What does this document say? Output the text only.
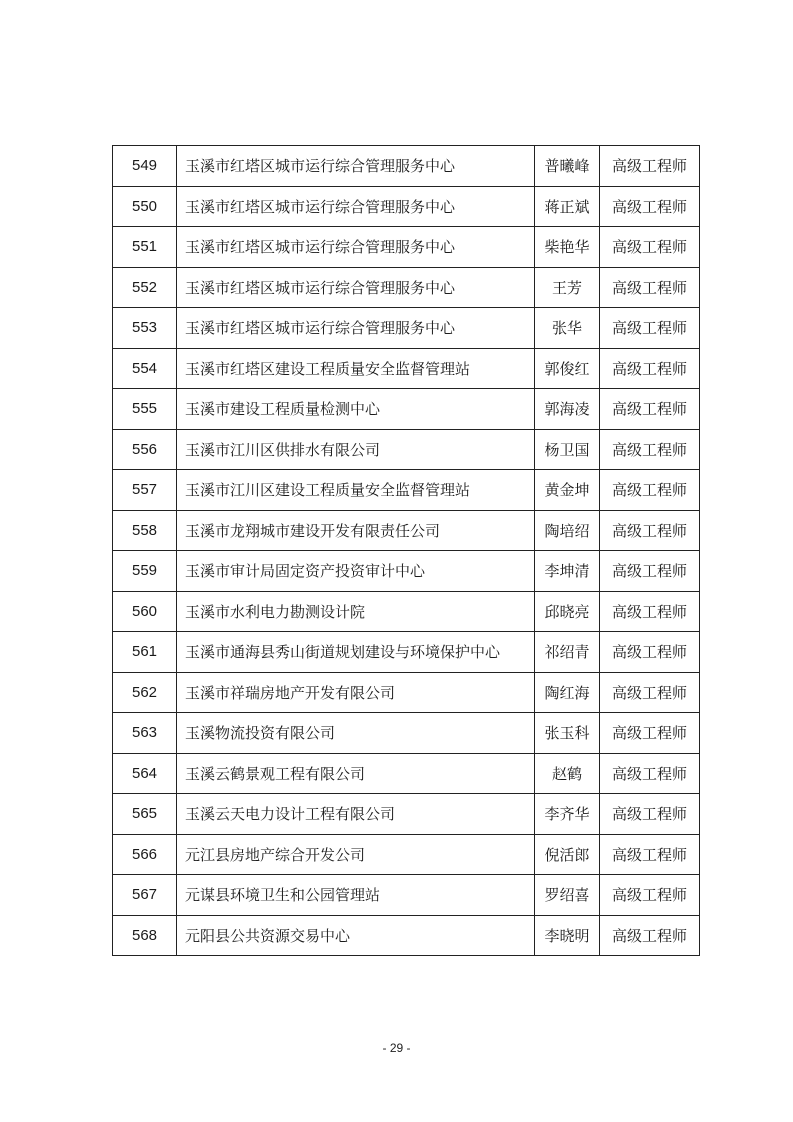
549	玉溪市红塔区城市运行综合管理服务中心	普曦峰	高级工程师
550	玉溪市红塔区城市运行综合管理服务中心	蒋正斌	高级工程师
551	玉溪市红塔区城市运行综合管理服务中心	柴艳华	高级工程师
552	玉溪市红塔区城市运行综合管理服务中心	王芳	高级工程师
553	玉溪市红塔区城市运行综合管理服务中心	张华	高级工程师
554	玉溪市红塔区建设工程质量安全监督管理站	郭俊红	高级工程师
555	玉溪市建设工程质量检测中心	郭海凌	高级工程师
556	玉溪市江川区供排水有限公司	杨卫国	高级工程师
557	玉溪市江川区建设工程质量安全监督管理站	黄金坤	高级工程师
558	玉溪市龙翔城市建设开发有限责任公司	陶培绍	高级工程师
559	玉溪市审计局固定资产投资审计中心	李坤清	高级工程师
560	玉溪市水利电力勘测设计院	邱晓亮	高级工程师
561	玉溪市通海县秀山街道规划建设与环境保护中心	祁绍青	高级工程师
562	玉溪市祥瑞房地产开发有限公司	陶红海	高级工程师
563	玉溪物流投资有限公司	张玉科	高级工程师
564	玉溪云鹤景观工程有限公司	赵鹤	高级工程师
565	玉溪云天电力设计工程有限公司	李齐华	高级工程师
566	元江县房地产综合开发公司	倪活郎	高级工程师
567	元谋县环境卫生和公园管理站	罗绍喜	高级工程师
568	元阳县公共资源交易中心	李晓明	高级工程师
- 29 -
